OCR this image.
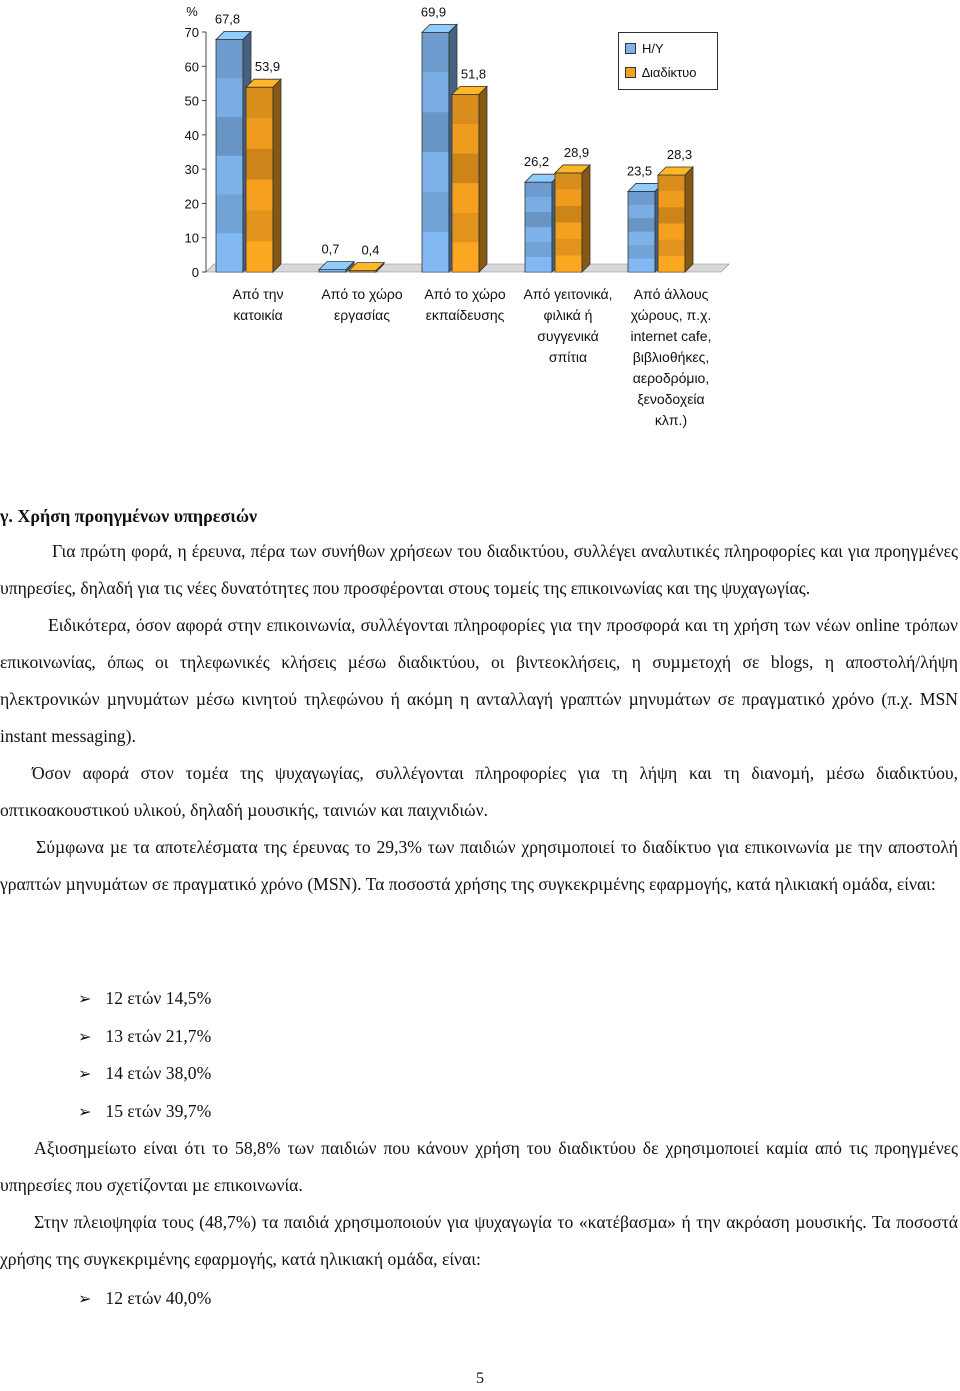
0
10
20
30
40
50
60
70
%
67,8
53,9
0,7 0,4
69,9
51,8
26,2
28,9
23,5
28,3
Η/Υ
∆ιαδίκτυο
Από την
κατοικία
Από το χώρο
εργασίας
Από το χώρο
εκπαίδευσης
Από γειτονικά,
φιλικά ή
συγγενικά
σπίτια
Από άλλους
χώρους, π.χ.
internet cafe,
βιβλιοθήκες,
αεροδρόμιο,
ξενοδοχεία
κλπ.)
γ. Χρήση προηγµένων υπηρεσιών

Για πρώτη φορά, η έρευνα, πέρα των συνήθων χρήσεων του διαδικτύου, συλλέγει αναλυτικές πληροφορίες και για προηγµένες υπηρεσίες, δηλαδή για τις νέες δυνατότητες που προσφέρονται στους τοµείς της επικοινωνίας και της ψυχαγωγίας.

Ειδικότερα, όσον αφορά στην επικοινωνία, συλλέγονται πληροφορίες για την προσφορά και τη χρήση των νέων online τρόπων επικοινωνίας, όπως οι τηλεφωνικές κλήσεις µέσω διαδικτύου, οι βιντεοκλήσεις, η συµµετοχή σε blogs, η αποστολή/λήψη ηλεκτρονικών µηνυµάτων µέσω κινητού τηλεφώνου ή ακόµη η ανταλλαγή γραπτών µηνυµάτων σε πραγµατικό χρόνο (π.χ. MSN instant messaging).

Όσον αφορά στον τοµέα της ψυχαγωγίας, συλλέγονται πληροφορίες για τη λήψη και τη διανοµή, µέσω διαδικτύου, οπτικοακουστικού υλικού, δηλαδή µουσικής, ταινιών και παιχνιδιών.

Σύµφωνα µε τα αποτελέσµατα της έρευνας το 29,3% των παιδιών χρησιµοποιεί το διαδίκτυο για επικοινωνία µε την αποστολή γραπτών µηνυµάτων σε πραγµατικό χρόνο (MSN). Τα ποσοστά χρήσης της συγκεκριµένης εφαρµογής, κατά ηλικιακή οµάδα, είναι:

➢ 12 ετών 14,5%
➢ 13 ετών 21,7%
➢ 14 ετών 38,0%
➢ 15 ετών 39,7%

Αξιοσηµείωτο είναι ότι το 58,8% των παιδιών που κάνουν χρήση του διαδικτύου δε χρησιµοποιεί καµία από τις προηγµένες υπηρεσίες που σχετίζονται µε επικοινωνία.

Στην πλειοψηφία τους (48,7%) τα παιδιά χρησιµοποιούν για ψυχαγωγία το «κατέβασµα» ή την ακρόαση µουσικής. Τα ποσοστά χρήσης της συγκεκριµένης εφαρµογής, κατά ηλικιακή οµάδα, είναι:

➢ 12 ετών 40,0%
5
